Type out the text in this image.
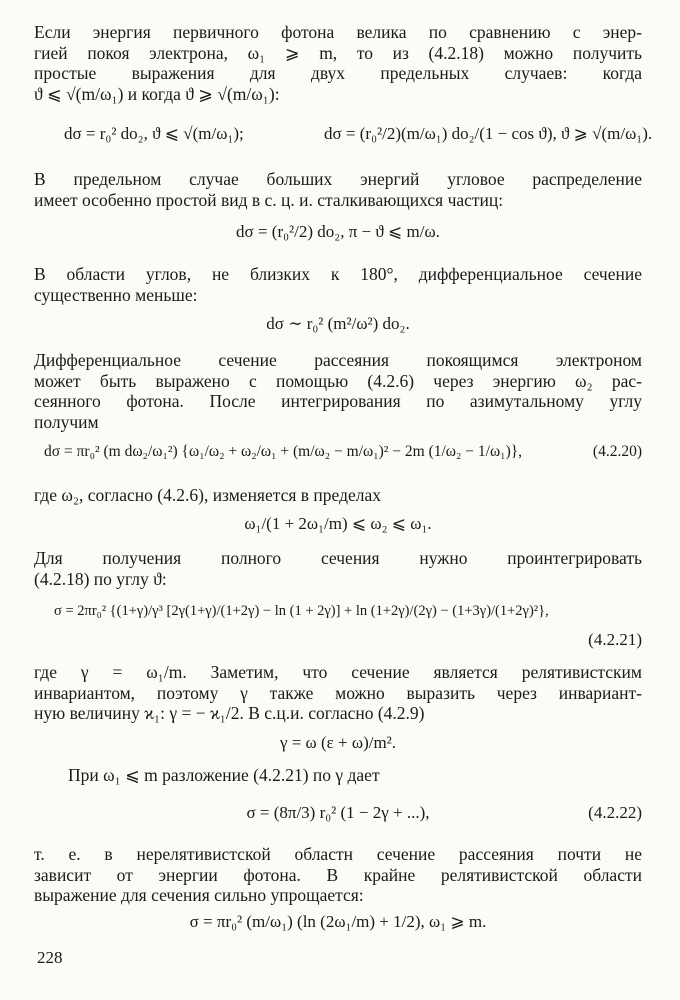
Если энергия первичного фотона велика по сравнению с энер-
гией покоя электрона, ω₁ ⩾ m, то из (4.2.18) можно получить
простые выражения для двух предельных случаев: когда
ϑ ⩽ √(m/ω₁) и когда ϑ ⩾ √(m/ω₁):
dσ = r₀² do₂, ϑ ⩽ √(m/ω₁);	dσ = (r₀²/2)(m/ω₁) do₂/(1 − cos ϑ), ϑ ⩾ √(m/ω₁).
В предельном случае больших энергий угловое распределение
имеет особенно простой вид в с. ц. и. сталкивающихся частиц:
dσ = (r₀²/2) do₂, π − ϑ ⩽ m/ω.
В области углов, не близких к 180°, дифференциальное сечение
существенно меньше:
dσ ∼ r₀² (m²/ω²) do₂.
Дифференциальное сечение рассеяния покоящимся электроном
может быть выражено с помощью (4.2.6) через энергию ω₂ рас-
сеянного фотона. После интегрирования по азимутальному углу
получим
dσ = πr₀² (m dω₂/ω₁²) {ω₁/ω₂ + ω₂/ω₁ + (m/ω₂ − m/ω₁)² − 2m (1/ω₂ − 1/ω₁)},	(4.2.20)
где ω₂, согласно (4.2.6), изменяется в пределах
ω₁/(1 + 2ω₁/m) ⩽ ω₂ ⩽ ω₁.
Для получения полного сечения нужно проинтегрировать
(4.2.18) по углу ϑ:
σ = 2πr₀² {(1+γ)/γ³ [2γ(1+γ)/(1+2γ) − ln (1 + 2γ)] + ln (1+2γ)/(2γ) − (1+3γ)/(1+2γ)²},
(4.2.21)
где γ = ω₁/m. Заметим, что сечение является релятивистским
инвариантом, поэтому γ также можно выразить через инвариант-
ную величину ϰ₁: γ = − ϰ₁/2. В с.ц.и. согласно (4.2.9)
γ = ω (ε + ω)/m².
При ω₁ ⩽ m разложение (4.2.21) по γ дает
σ = (8π/3) r₀² (1 − 2γ + ...),	(4.2.22)
т. е. в нерелятивистской областн сечение рассеяния почти не
зависит от энергии фотона. В крайне релятивистской области
выражение для сечения сильно упрощается:
σ = πr₀² (m/ω₁) (ln (2ω₁/m) + 1/2), ω₁ ⩾ m.
228
